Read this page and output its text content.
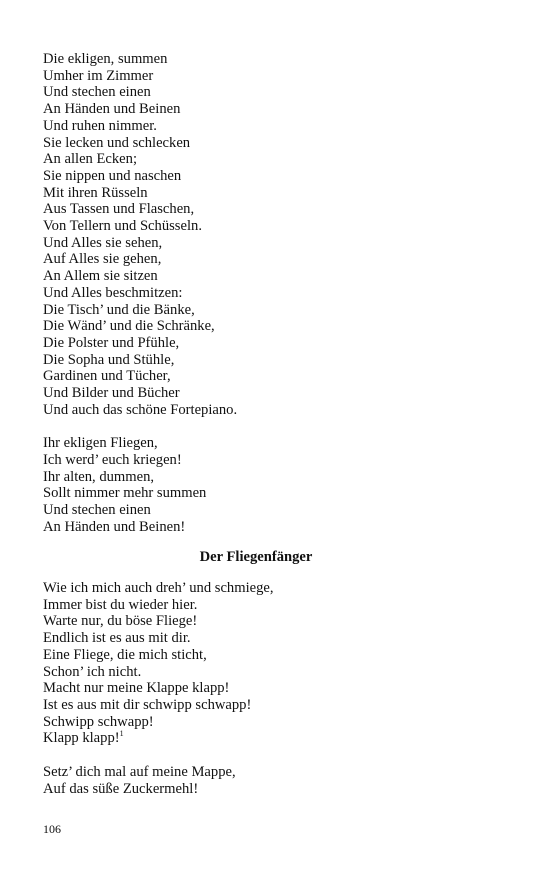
Die ekligen, summen
Umher im Zimmer
Und stechen einen
An Händen und Beinen
Und ruhen nimmer.
Sie lecken und schlecken
An allen Ecken;
Sie nippen und naschen
Mit ihren Rüsseln
Aus Tassen und Flaschen,
Von Tellern und Schüsseln.
Und Alles sie sehen,
Auf Alles sie gehen,
An Allem sie sitzen
Und Alles beschmitzen:
Die Tisch’ und die Bänke,
Die Wänd’ und die Schränke,
Die Polster und Pfühle,
Die Sopha und Stühle,
Gardinen und Tücher,
Und Bilder und Bücher
Und auch das schöne Fortepiano.
Ihr ekligen Fliegen,
Ich werd’ euch kriegen!
Ihr alten, dummen,
Sollt nimmer mehr summen
Und stechen einen
An Händen und Beinen!
Der Fliegenfänger
Wie ich mich auch dreh’ und schmiege,
Immer bist du wieder hier.
Warte nur, du böse Fliege!
Endlich ist es aus mit dir.
Eine Fliege, die mich sticht,
Schon’ ich nicht.
Macht nur meine Klappe klapp!
Ist es aus mit dir schwipp schwapp!
Schwipp schwapp!
Klapp klapp!$^1$
Setz’ dich mal auf meine Mappe,
Auf das süße Zuckermehl!
106
